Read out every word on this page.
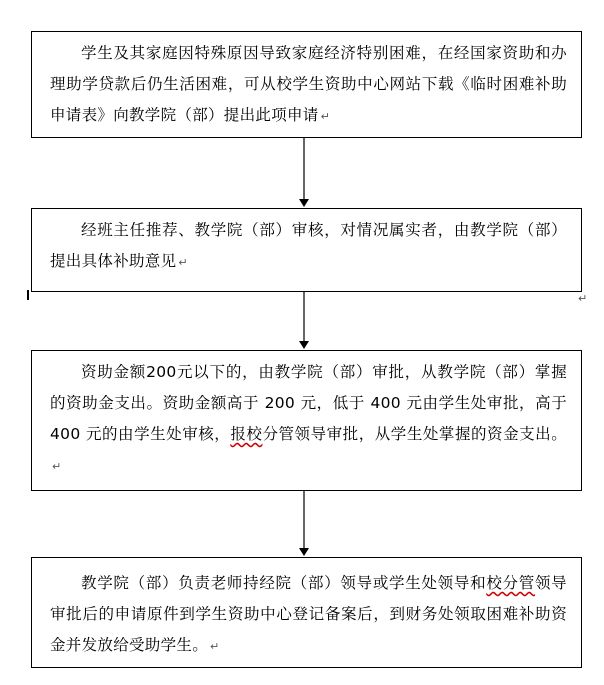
学生及其家庭因特殊原因导致家庭经济特别困难，在经国家资助和办理助学贷款后仍生活困难，可从校学生资助中心网站下载《临时困难补助申请表》向教学院（部）提出此项申请 ↵
经班主任推荐、教学院（部）审核，对情况属实者，由教学院（部）提出具体补助意见 ↵
↵
资助金额200元以下的，由教学院（部）审批，从教学院（部）掌握的资助金支出。资助金额高于 200 元，低于 400 元由学生处审批，高于 400 元的由学生处审核，报校分管领导审批，从学生处掌握的资金支出。↵
教学院（部）负责老师持经院（部）领导或学生处领导和校分管领导审批后的申请原件到学生资助中心登记备案后，到财务处领取困难补助资金并发放给受助学生。 ↵
